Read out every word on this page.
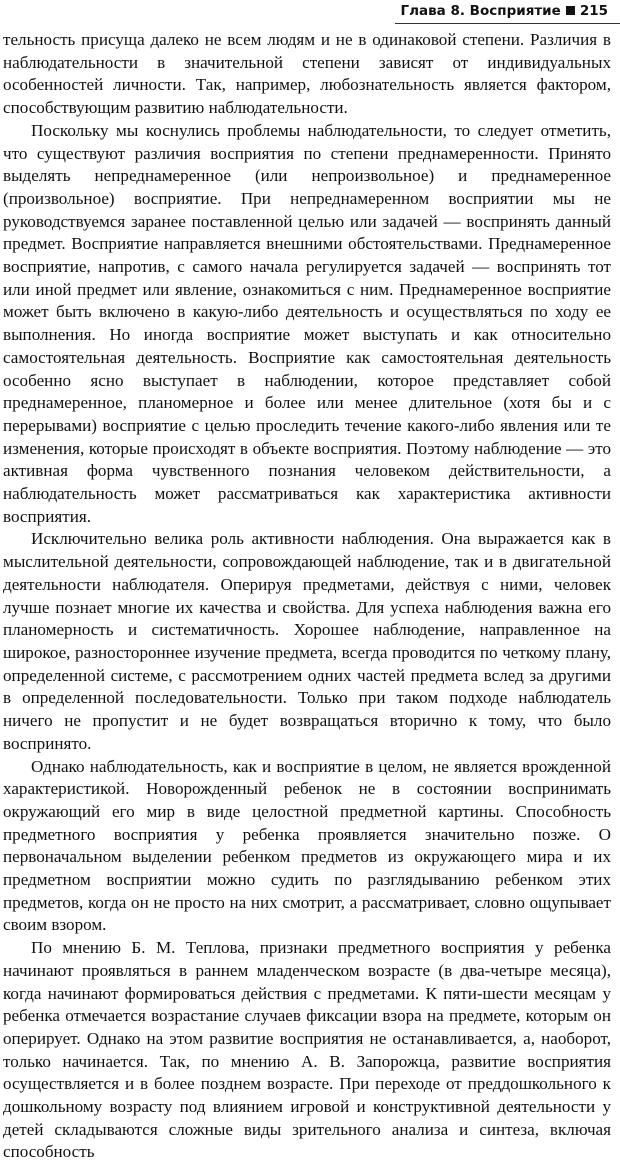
Глава 8. Восприятие 215

тельность присуща далеко не всем людям и не в одинаковой степени. Различия в наблюдательности в значительной степени зависят от индивидуальных особенностей личности. Так, например, любознательность является фактором, способствующим развитию наблюдательности.

Поскольку мы коснулись проблемы наблюдательности, то следует отметить, что существуют различия восприятия по степени преднамеренности. Принято выделять непреднамеренное (или непроизвольное) и преднамеренное (произвольное) восприятие. При непреднамеренном восприятии мы не руководствуемся заранее поставленной целью или задачей — воспринять данный предмет. Восприятие направляется внешними обстоятельствами. Преднамеренное восприятие, напротив, с самого начала регулируется задачей — воспринять тот или иной предмет или явление, ознакомиться с ним. Преднамеренное восприятие может быть включено в какую-либо деятельность и осуществляться по ходу ее выполнения. Но иногда восприятие может выступать и как относительно самостоятельная деятельность. Восприятие как самостоятельная деятельность особенно ясно выступает в наблюдении, которое представляет собой преднамеренное, планомерное и более или менее длительное (хотя бы и с перерывами) восприятие с целью проследить течение какого-либо явления или те изменения, которые происходят в объекте восприятия. Поэтому наблюдение — это активная форма чувственного познания человеком действительности, а наблюдательность может рассматриваться как характеристика активности восприятия.

Исключительно велика роль активности наблюдения. Она выражается как в мыслительной деятельности, сопровождающей наблюдение, так и в двигательной деятельности наблюдателя. Оперируя предметами, действуя с ними, человек лучше познает многие их качества и свойства. Для успеха наблюдения важна его планомерность и систематичность. Хорошее наблюдение, направленное на широкое, разностороннее изучение предмета, всегда проводится по четкому плану, определенной системе, с рассмотрением одних частей предмета вслед за другими в определенной последовательности. Только при таком подходе наблюдатель ничего не пропустит и не будет возвращаться вторично к тому, что было воспринято.

Однако наблюдательность, как и восприятие в целом, не является врожденной характеристикой. Новорожденный ребенок не в состоянии воспринимать окружающий его мир в виде целостной предметной картины. Способность предметного восприятия у ребенка проявляется значительно позже. О первоначальном выделении ребенком предметов из окружающего мира и их предметном восприятии можно судить по разглядыванию ребенком этих предметов, когда он не просто на них смотрит, а рассматривает, словно ощупывает своим взором.

По мнению Б. М. Теплова, признаки предметного восприятия у ребенка начинают проявляться в раннем младенческом возрасте (в два-четыре месяца), когда начинают формироваться действия с предметами. К пяти-шести месяцам у ребенка отмечается возрастание случаев фиксации взора на предмете, которым он оперирует. Однако на этом развитие восприятия не останавливается, а, наоборот, только начинается. Так, по мнению А. В. Запорожца, развитие восприятия осуществляется и в более позднем возрасте. При переходе от преддошкольного к дошкольному возрасту под влиянием игровой и конструктивной деятельности у детей складываются сложные виды зрительного анализа и синтеза, включая способность
